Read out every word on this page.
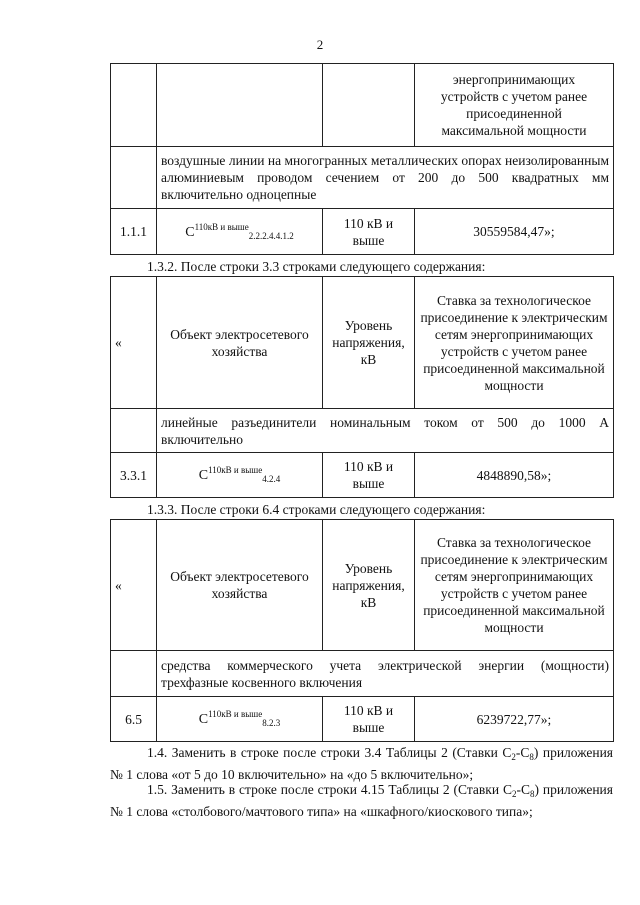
2

			энергопринимающих
устройств с учетом ранее
присоединенной
максимальной мощности

	воздушные линии на многогранных металлических опорах неизолированным алюминиевым проводом сечением от 200 до 500 квадратных мм включительно одноцепные		
1.1.1	$С^{110кВ и выше}_{2.2.2.4.4.1.2}$	110 кВ и выше	30559584,47»;
1.3.2. После строки 3.3 строками следующего содержания:
«	Объект электросетевого хозяйства	Уровень напряжения, кВ	Ставка за технологическое присоединение к электрическим сетям энергопринимающих устройств с учетом ранее присоединенной максимальной мощности
	линейные разъединители номинальным током от 500 до 1000 А включительно		
3.3.1	$С^{110кВ и выше}_{4.2.4}$	110 кВ и выше	4848890,58»;
1.3.3. После строки 6.4 строками следующего содержания:
«	Объект электросетевого хозяйства	Уровень напряжения, кВ	Ставка за технологическое присоединение к электрическим сетям энергопринимающих устройств с учетом ранее присоединенной максимальной мощности
	средства коммерческого учета электрической энергии (мощности) трехфазные косвенного включения		
6.5	$С^{110кВ и выше}_{8.2.3}$	110 кВ и выше	6239722,77»;
1.4. Заменить в строке после строки 3.4 Таблицы 2 (Ставки $С_2-С_8$) приложения № 1 слова «от 5 до 10 включительно» на «до 5 включительно»;
1.5. Заменить в строке после строки 4.15 Таблицы 2 (Ставки $С_2-С_8$) приложения № 1 слова «столбового/мачтового типа» на «шкафного/киоскового типа»;
